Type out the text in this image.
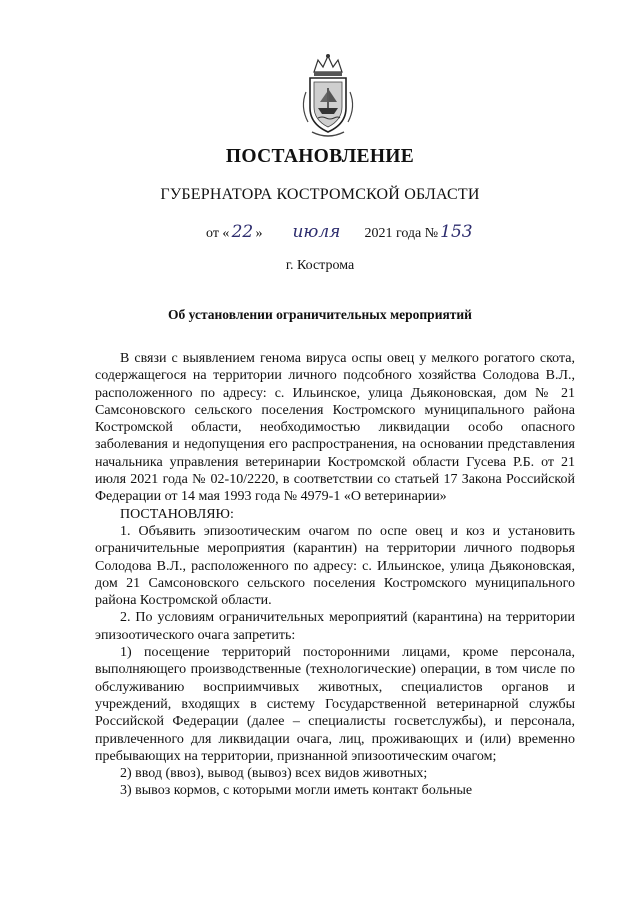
ПОСТАНОВЛЕНИЕ
ГУБЕРНАТОРА КОСТРОМСКОЙ ОБЛАСТИ
от « 22 » июля 2021 года № 153
г. Кострома
Об установлении ограничительных мероприятий

В связи с выявлением генома вируса оспы овец у мелкого рогатого скота, содержащегося на территории личного подсобного хозяйства Солодова В.Л., расположенного по адресу: с. Ильинское, улица Дьяконовская, дом № 21 Самсоновского сельского поселения Костромского муниципального района Костромской области, необходимостью ликвидации особо опасного заболевания и недопущения его распространения, на основании представления начальника управления ветеринарии Костромской области Гусева Р.Б. от 21 июля 2021 года № 02-10/2220, в соответствии со статьей 17 Закона Российской Федерации от 14 мая 1993 года № 4979-1 «О ветеринарии»

ПОСТАНОВЛЯЮ:

1. Объявить эпизоотическим очагом по оспе овец и коз и установить ограничительные мероприятия (карантин) на территории личного подворья Солодова В.Л., расположенного по адресу: с. Ильинское, улица Дьяконовская, дом 21 Самсоновского сельского поселения Костромского муниципального района Костромской области.

2. По условиям ограничительных мероприятий (карантина) на территории эпизоотического очага запретить:

1) посещение территорий посторонними лицами, кроме персонала, выполняющего производственные (технологические) операции, в том числе по обслуживанию восприимчивых животных, специалистов органов и учреждений, входящих в систему Государственной ветеринарной службы Российской Федерации (далее – специалисты госветслужбы), и персонала, привлеченного для ликвидации очага, лиц, проживающих и (или) временно пребывающих на территории, признанной эпизоотическим очагом;

2) ввод (ввоз), вывод (вывоз) всех видов животных;

3) вывоз кормов, с которыми могли иметь контакт больные
